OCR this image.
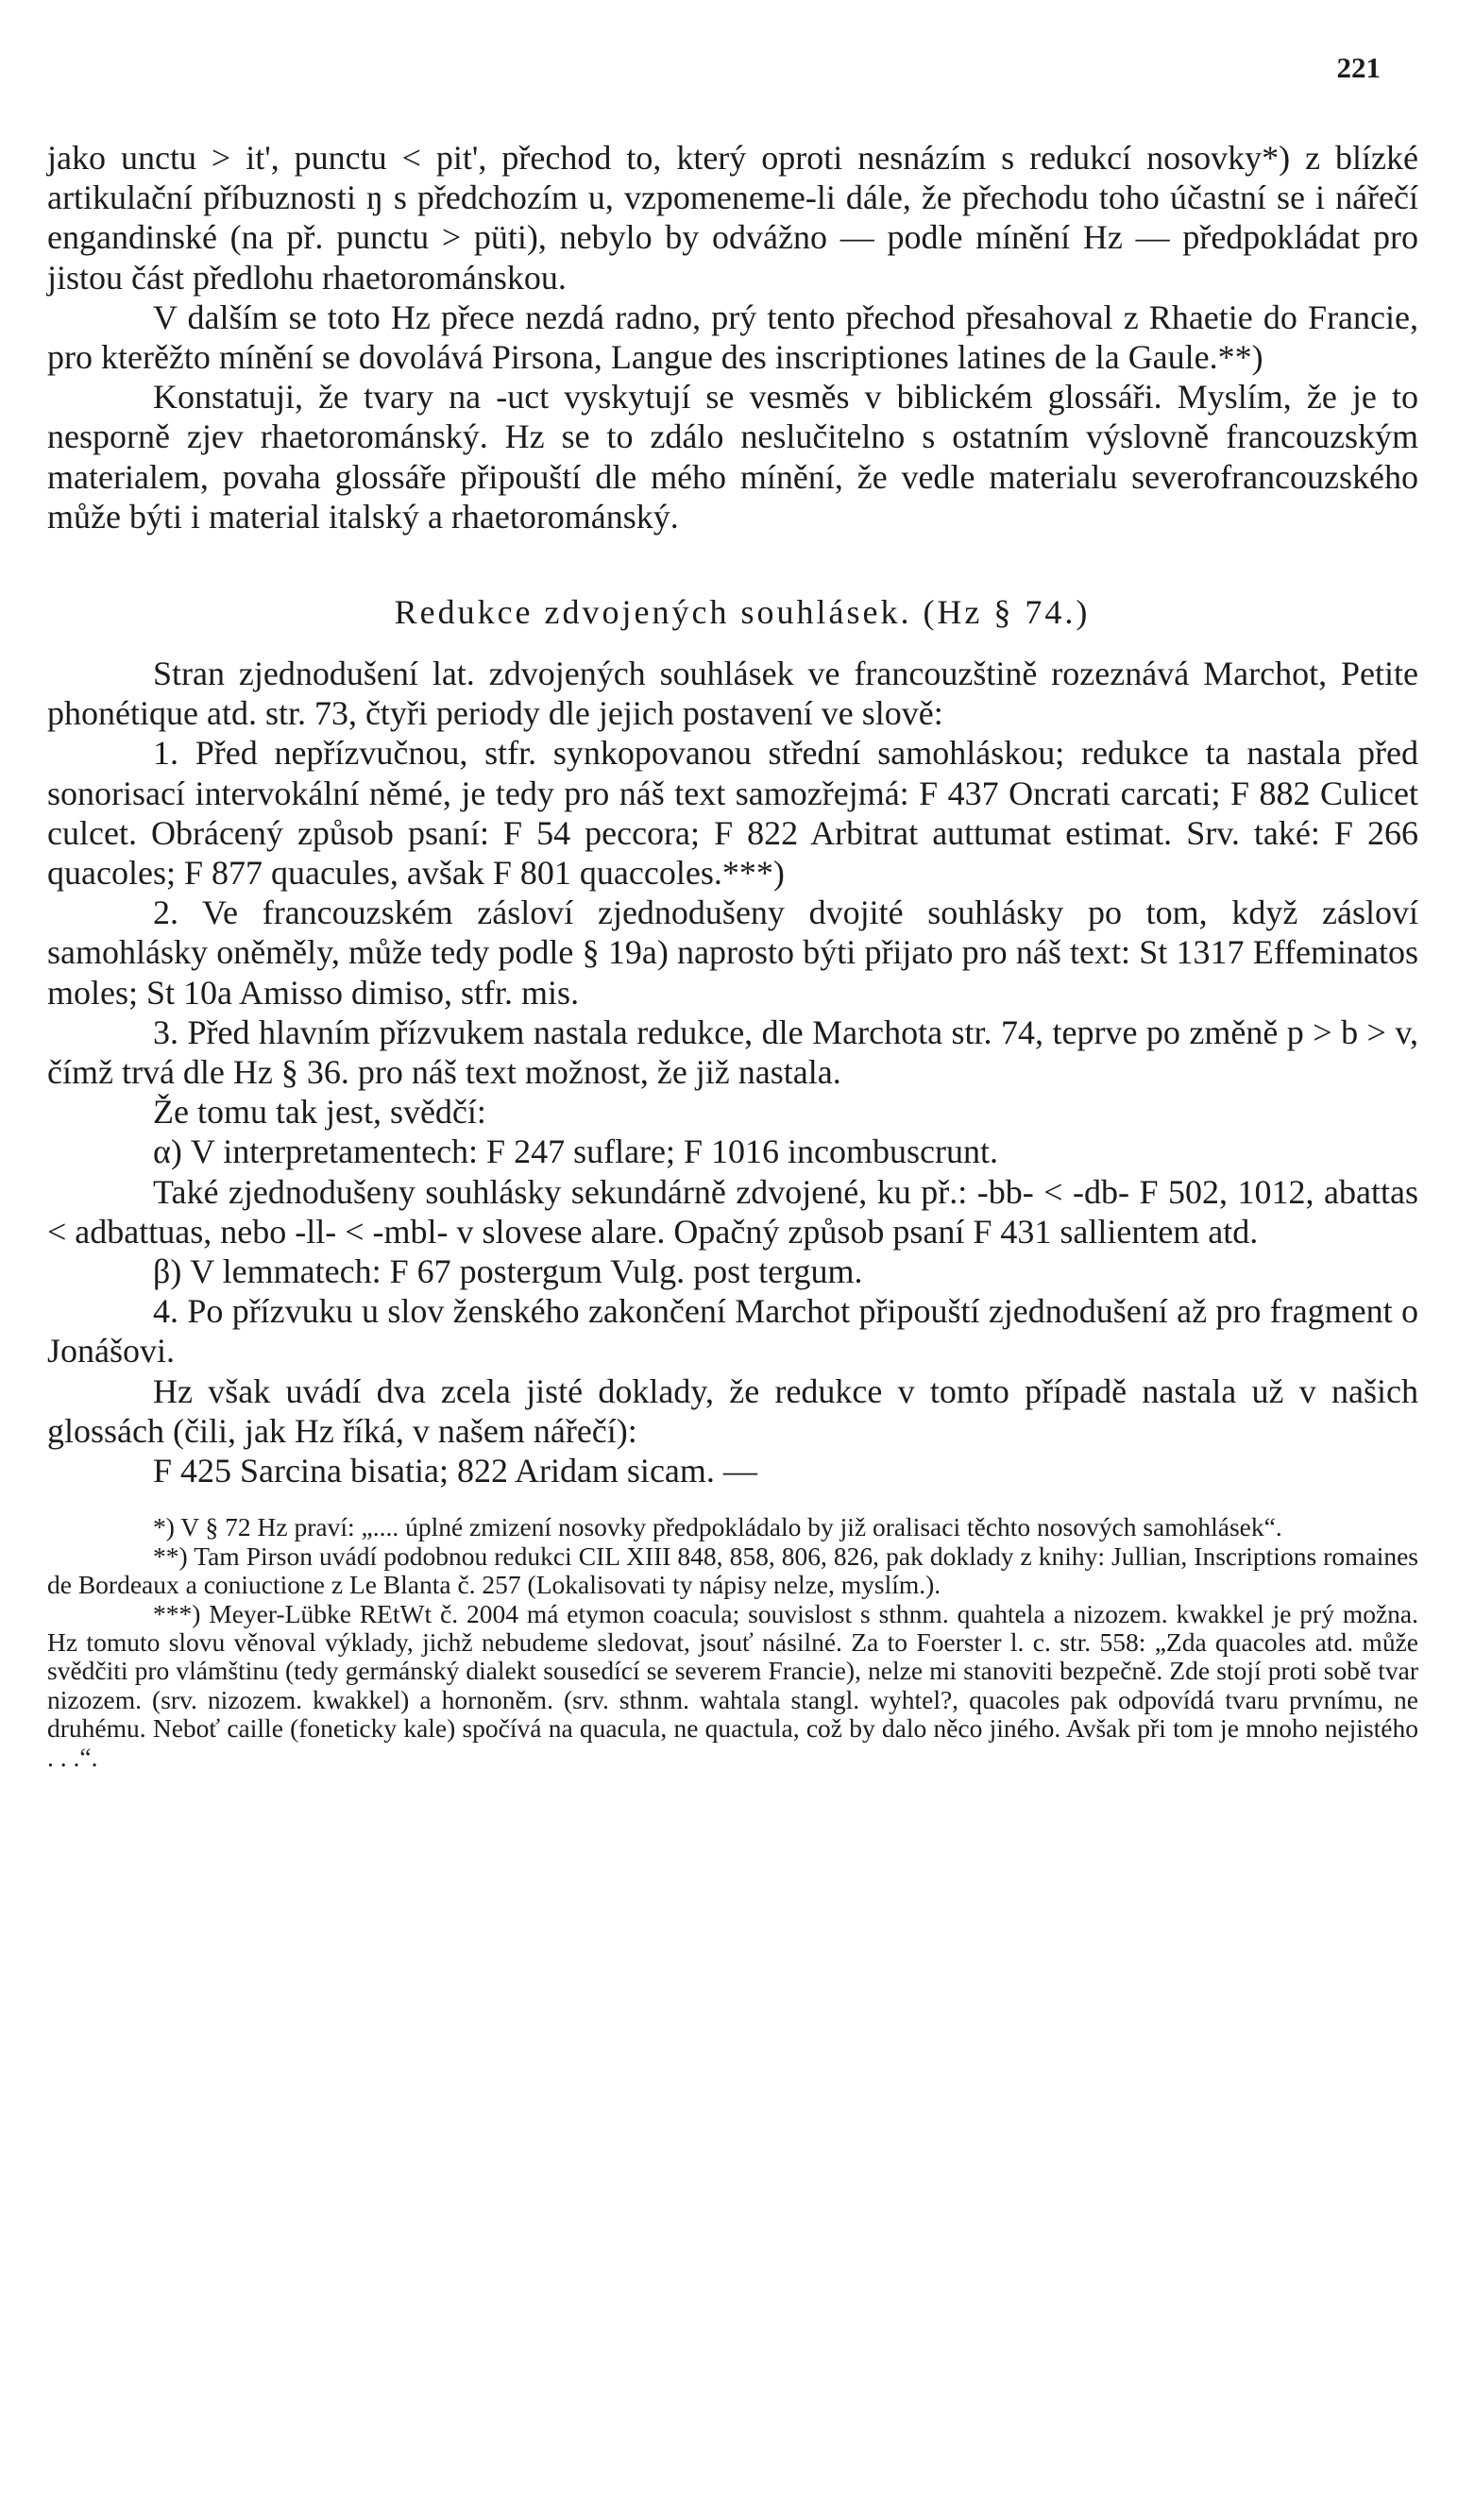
221

jako unctu > it', punctu < pit', přechod to, který oproti nesnázím s redukcí nosovky*) z blízké artikulační příbuznosti ŋ s předchozím u, vzpomeneme-li dále, že přechodu toho účastní se i nářečí engandinské (na př. punctu > püti), nebylo by odvážno — podle mínění Hz — předpokládat pro jistou část předlohu rhaetorománskou.

V dalším se toto Hz přece nezdá radno, prý tento přechod přesahoval z Rhaetie do Francie, pro kterěžto mínění se dovolává Pirsona, Langue des inscriptiones latines de la Gaule.**)

Konstatuji, že tvary na -uct vyskytují se vesměs v biblickém glossáři. Myslím, že je to nesporně zjev rhaetorománský. Hz se to zdálo neslučitelno s ostatním výslovně francouzským materialem, povaha glossáře připouští dle mého mínění, že vedle materialu severofrancouzského může býti i material italský a rhaetorománský.

Redukce zdvojených souhlásek. (Hz § 74.)

Stran zjednodušení lat. zdvojených souhlásek ve francouzštině rozeznává Marchot, Petite phonétique atd. str. 73, čtyři periody dle jejich postavení ve slově:

1. Před nepřízvučnou, stfr. synkopovanou střední samohláskou; redukce ta nastala před sonorisací intervokální němé, je tedy pro náš text samozřejmá: F 437 Oncrati carcati; F 882 Culicet culcet. Obrácený způsob psaní: F 54 peccora; F 822 Arbitrat auttumat estimat. Srv. také: F 266 quacoles; F 877 quacules, avšak F 801 quaccoles.***)

2. Ve francouzském zásloví zjednodušeny dvojité souhlásky po tom, když zásloví samohlásky oněměly, může tedy podle § 19a) naprosto býti přijato pro náš text: St 1317 Effeminatos moles; St 10a Amisso dimiso, stfr. mis.

3. Před hlavním přízvukem nastala redukce, dle Marchota str. 74, teprve po změně p > b > v, čímž trvá dle Hz § 36. pro náš text možnost, že již nastala.

Že tomu tak jest, svědčí:

α) V interpretamentech: F 247 suflare; F 1016 incombuscrunt.

Také zjednodušeny souhlásky sekundárně zdvojené, ku př.: -bb- < -db- F 502, 1012, abattas < adbattuas, nebo -ll- < -mbl- v slovese alare. Opačný způsob psaní F 431 sallientem atd.

β) V lemmatech: F 67 postergum Vulg. post tergum.

4. Po přízvuku u slov ženského zakončení Marchot připouští zjednodušení až pro fragment o Jonášovi.

Hz však uvádí dva zcela jisté doklady, že redukce v tomto případě nastala už v našich glossách (čili, jak Hz říká, v našem nářečí):

F 425 Sarcina bisatia; 822 Aridam sicam. —

*) V § 72 Hz praví: „.... úplné zmizení nosovky předpokládalo by již oralisaci těchto nosových samohlásek“.

**) Tam Pirson uvádí podobnou redukci CIL XIII 848, 858, 806, 826, pak doklady z knihy: Jullian, Inscriptions romaines de Bordeaux a coniuctione z Le Blanta č. 257 (Lokalisovati ty nápisy nelze, myslím.).

***) Meyer-Lübke REtWt č. 2004 má etymon coacula; souvislost s sthnm. quahtela a nizozem. kwakkel je prý možna. Hz tomuto slovu věnoval výklady, jichž nebudeme sledovat, jsouť násilné. Za to Foerster l. c. str. 558: „Zda quacoles atd. může svědčiti pro vlámštinu (tedy germánský dialekt sousedící se severem Francie), nelze mi stanoviti bezpečně. Zde stojí proti sobě tvar nizozem. (srv. nizozem. kwakkel) a hornoněm. (srv. sthnm. wahtala stangl. wyhtel?, quacoles pak odpovídá tvaru prvnímu, ne druhému. Neboť caille (foneticky kale) spočívá na quacula, ne quactula, což by dalo něco jiného. Avšak při tom je mnoho nejistého . . .“.
